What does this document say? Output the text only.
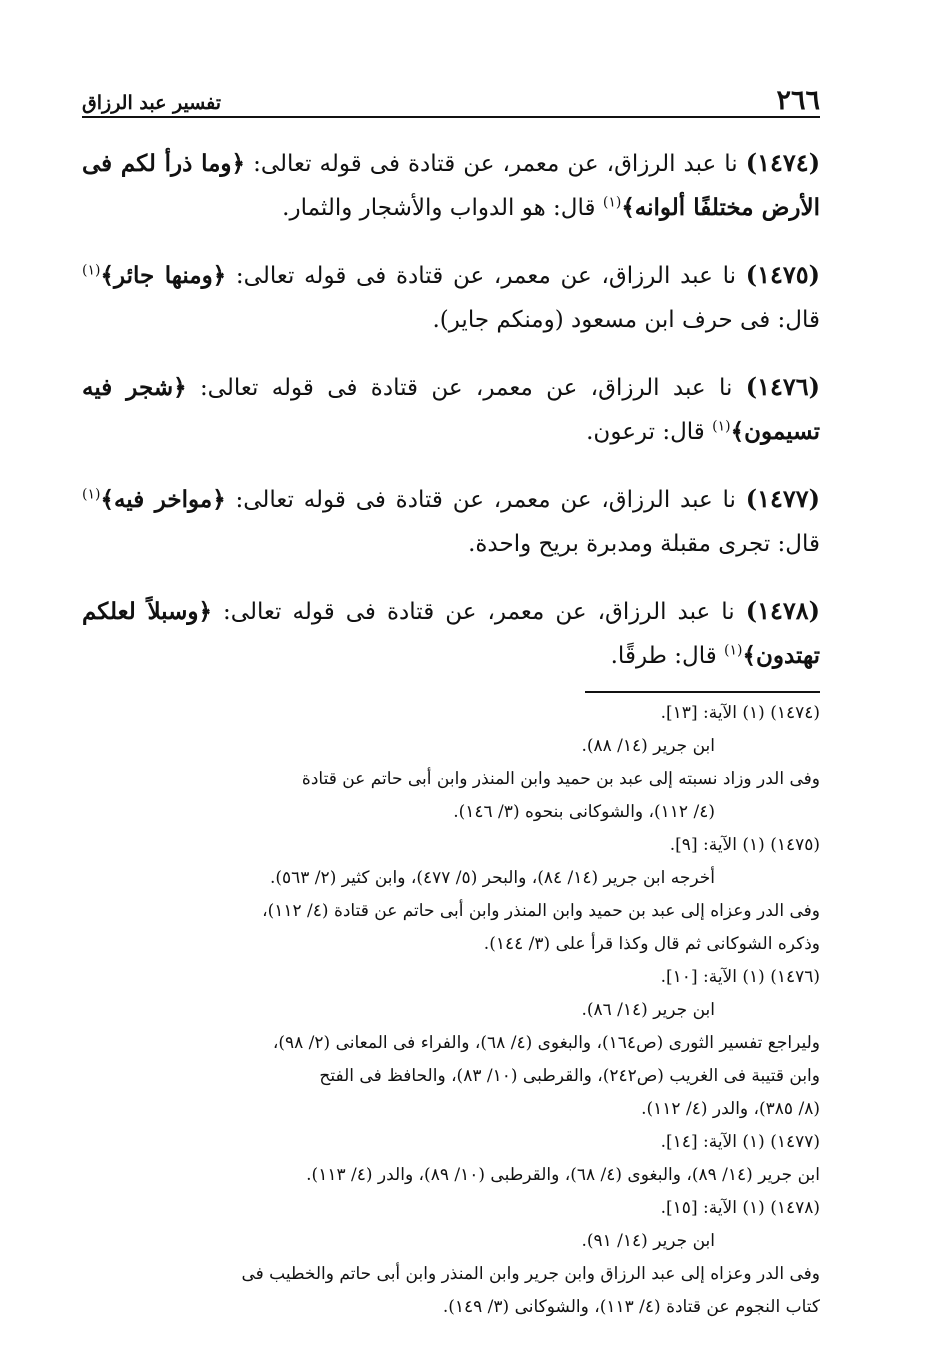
٢٦٦
تفسير عبد الرزاق

(١٤٧٤) نا عبد الرزاق، عن معمر، عن قتادة فى قوله تعالى: ﴿وما ذرأ لكم فى الأرض مختلفًا ألوانه﴾$^{(١)}$ قال: هو الدواب والأشجار والثمار.

(١٤٧٥) نا عبد الرزاق، عن معمر، عن قتادة فى قوله تعالى: ﴿ومنها جائر﴾$^{(١)}$ قال: فى حرف ابن مسعود (ومنكم جاير).

(١٤٧٦) نا عبد الرزاق، عن معمر، عن قتادة فى قوله تعالى: ﴿شجر فيه تسيمون﴾$^{(١)}$ قال: ترعون.

(١٤٧٧) نا عبد الرزاق، عن معمر، عن قتادة فى قوله تعالى: ﴿مواخر فيه﴾$^{(١)}$ قال: تجرى مقبلة ومدبرة بريح واحدة.

(١٤٧٨) نا عبد الرزاق، عن معمر، عن قتادة فى قوله تعالى: ﴿وسبلاً لعلكم تهتدون﴾$^{(١)}$ قال: طرقًا.

(١٤٧٤) (١) الآية: [١٣].
ابن جرير (١٤/ ٨٨).
وفى الدر وزاد نسبته إلى عبد بن حميد وابن المنذر وابن أبى حاتم عن قتادة
(٤/ ١١٢)، والشوكانى بنحوه (٣/ ١٤٦).
(١٤٧٥) (١) الآية: [٩].
أخرجه ابن جرير (١٤/ ٨٤)، والبحر (٥/ ٤٧٧)، وابن كثير (٢/ ٥٦٣).
وفى الدر وعزاه إلى عبد بن حميد وابن المنذر وابن أبى حاتم عن قتادة (٤/ ١١٢)،
وذكره الشوكانى ثم قال وكذا قرأ على (٣/ ١٤٤).
(١٤٧٦) (١) الآية: [١٠].
ابن جرير (١٤/ ٨٦).
وليراجع تفسير الثورى (ص١٦٤)، والبغوى (٤/ ٦٨)، والفراء فى المعانى (٢/ ٩٨)،
وابن قتيبة فى الغريب (ص٢٤٢)، والقرطبى (١٠/ ٨٣)، والحافظ فى الفتح
(٨/ ٣٨٥)، والدر (٤/ ١١٢).
(١٤٧٧) (١) الآية: [١٤].
ابن جرير (١٤/ ٨٩)، والبغوى (٤/ ٦٨)، والقرطبى (١٠/ ٨٩)، والدر (٤/ ١١٣).
(١٤٧٨) (١) الآية: [١٥].
ابن جرير (١٤/ ٩١).
وفى الدر وعزاه إلى عبد الرزاق وابن جرير وابن المنذر وابن أبى حاتم والخطيب فى
كتاب النجوم عن قتادة (٤/ ١١٣)، والشوكانى (٣/ ١٤٩).
